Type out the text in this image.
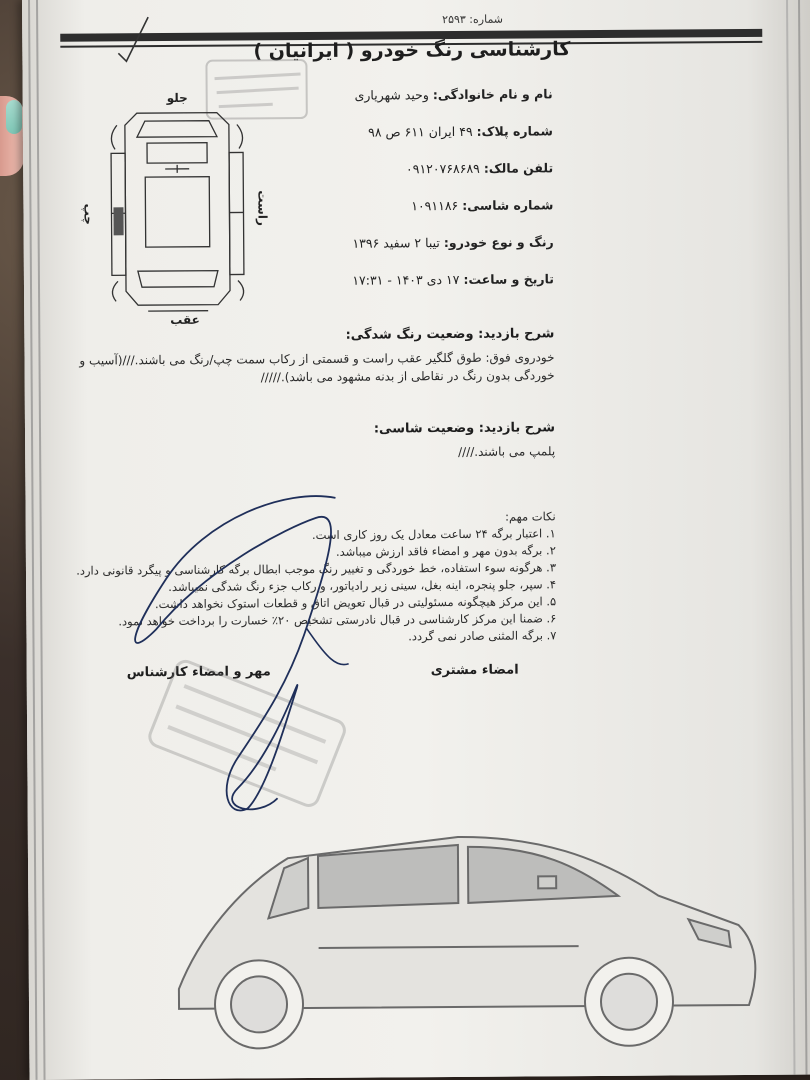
شماره: ۲۵۹۳
کارشناسی رنگ خودرو ( ایرانیان )
نام و نام خانوادگی:وحید شهریاری
شماره پلاک:۴۹ ایران ۶۱۱ ص ۹۸
تلفن مالک:۰۹۱۲۰۷۶۸۶۸۹
شماره شاسی:۱۰۹۱۱۸۶
رنگ و نوع خودرو:تیبا ۲ سفید ۱۳۹۶
تاریخ و ساعت:۱۷ دی ۱۴۰۳ - ۱۷:۳۱
جلو
عقب
راست
چپ
شرح بازدید: وضعیت رنگ شدگی:
خودروی فوق: طوق گلگیر عقب راست و قسمتی از رکاب سمت چپ/رنگ می باشند.///(آسیب و
خوردگی بدون رنگ در نقاطی از بدنه مشهود می باشد)./////
شرح بازدید: وضعیت شاسی:
پلمپ می باشند.////
نکات مهم:
۱. اعتبار برگه ۲۴ ساعت معادل یک روز کاری است.
۲. برگه بدون مهر و امضاء فاقد ارزش میباشد.
۳. هرگونه سوء استفاده، خط خوردگی و تغییر رنگ موجب ابطال برگه کارشناسی و پیگرد قانونی دارد.
۴. سپر، جلو پنجره، اینه بغل، سینی زیر رادیاتور، و رکاب جزء رنگ شدگی نمیباشد.
۵. این مرکز هیچگونه مسئولیتی در قبال تعویض اتاق و قطعات استوک نخواهد داشت.
۶. ضمنا این مرکز کارشناسی در قبال نادرستی تشخیص ۲۰٪ خسارت را برداخت خواهد نمود.
۷. برگه المثنی صادر نمی گردد.
امضاء مشتری
مهر و امضاء کارشناس
